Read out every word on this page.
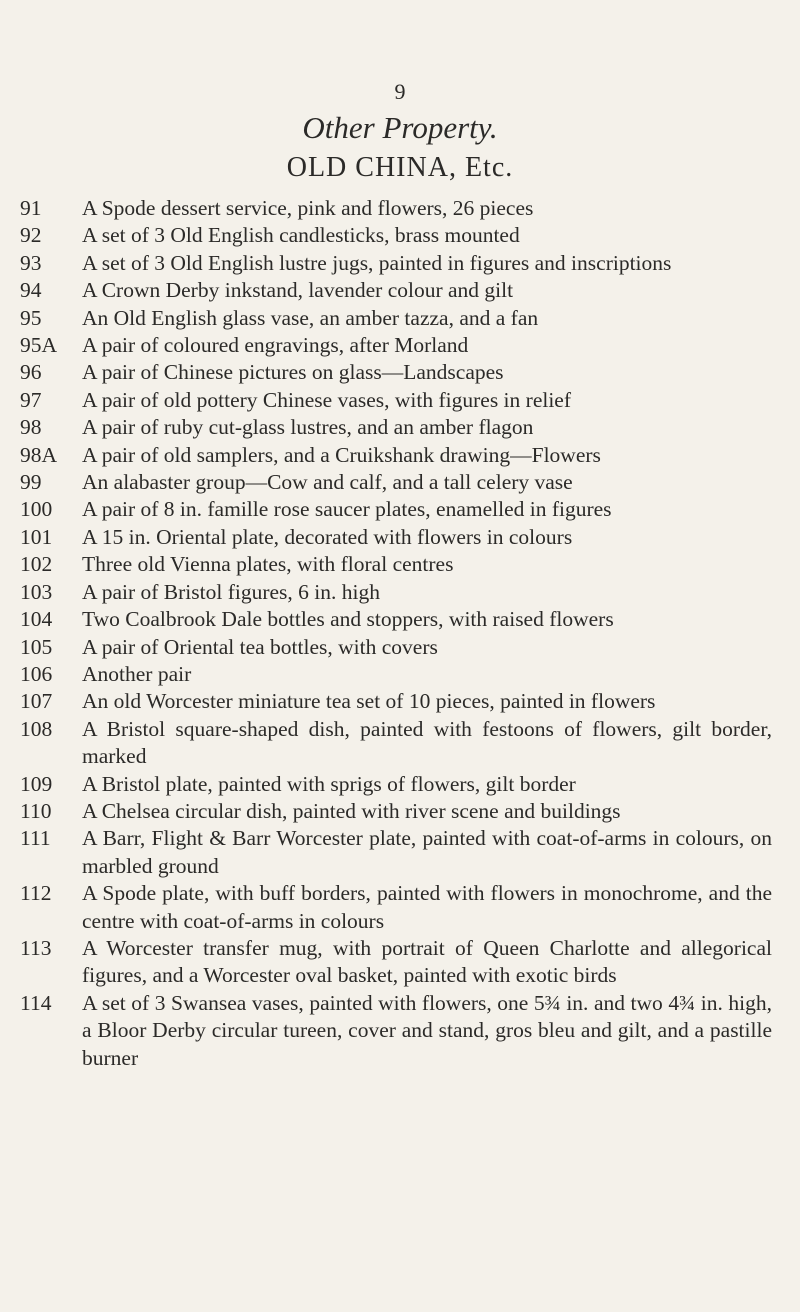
9
Other Property.
OLD CHINA, Etc.
91	A Spode dessert service, pink and flowers, 26 pieces
92	A set of 3 Old English candlesticks, brass mounted
93	A set of 3 Old English lustre jugs, painted in figures and inscriptions
94	A Crown Derby inkstand, lavender colour and gilt
95	An Old English glass vase, an amber tazza, and a fan
95A	A pair of coloured engravings, after Morland
96	A pair of Chinese pictures on glass—Landscapes
97	A pair of old pottery Chinese vases, with figures in relief
98	A pair of ruby cut-glass lustres, and an amber flagon
98A	A pair of old samplers, and a Cruikshank drawing—Flowers
99	An alabaster group—Cow and calf, and a tall celery vase
100	A pair of 8 in. famille rose saucer plates, enamelled in figures
101	A 15 in. Oriental plate, decorated with flowers in colours
102	Three old Vienna plates, with floral centres
103	A pair of Bristol figures, 6 in. high
104	Two Coalbrook Dale bottles and stoppers, with raised flowers
105	A pair of Oriental tea bottles, with covers
106	Another pair
107	An old Worcester miniature tea set of 10 pieces, painted in flowers
108	A Bristol square-shaped dish, painted with festoons of flowers, gilt border, marked
109	A Bristol plate, painted with sprigs of flowers, gilt border
110	A Chelsea circular dish, painted with river scene and buildings
111	A Barr, Flight & Barr Worcester plate, painted with coat-of-arms in colours, on marbled ground
112	A Spode plate, with buff borders, painted with flowers in monochrome, and the centre with coat-of-arms in colours
113	A Worcester transfer mug, with portrait of Queen Charlotte and allegorical figures, and a Worcester oval basket, painted with exotic birds
114	A set of 3 Swansea vases, painted with flowers, one 5¾ in. and two 4¾ in. high, a Bloor Derby circular tureen, cover and stand, gros bleu and gilt, and a pastille burner
